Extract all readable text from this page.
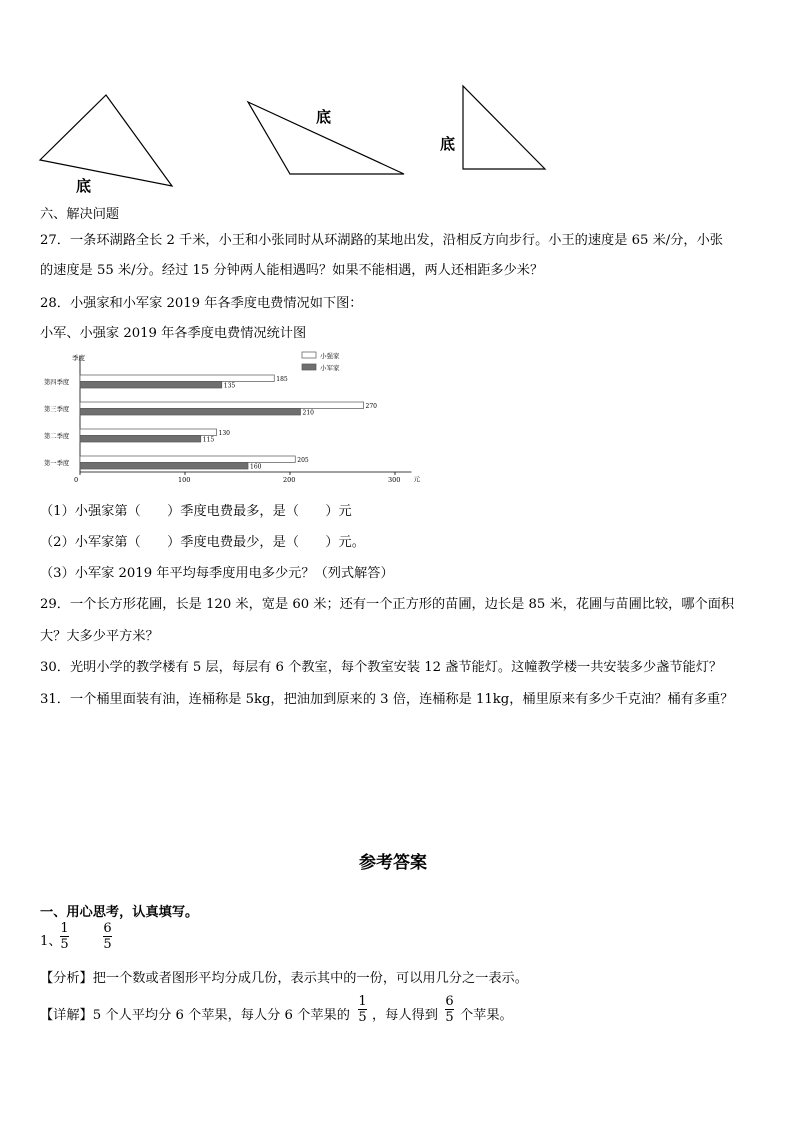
底
底
底
六、解决问题
27．一条环湖路全长 2 千米，小王和小张同时从环湖路的某地出发，沿相反方向步行。小王的速度是 65 米/分，小张
的速度是 55 米/分。经过 15 分钟两人能相遇吗？如果不能相遇，两人还相距多少米？
28．小强家和小军家 2019 年各季度电费情况如下图：
小军、小强家 2019 年各季度电费情况统计图
季度
元
0	100	200	300
第四季度	185
135
第三季度	270
210
第二季度	130
115
第一季度	205
160
小强家
小军家
（1）小强家第（　　）季度电费最多，是（　　）元
（2）小军家第（　　）季度电费最少，是（　　）元。
（3）小军家 2019 年平均每季度用电多少元？（列式解答）
29．一个长方形花圃，长是 120 米，宽是 60 米；还有一个正方形的苗圃，边长是 85 米，花圃与苗圃比较，哪个面积
大？大多少平方米？
30．光明小学的教学楼有 5 层，每层有 6 个教室，每个教室安装 12 盏节能灯。这幢教学楼一共安装多少盏节能灯？
31．一个桶里面装有油，连桶称是 5kg，把油加到原来的 3 倍，连桶称是 11kg，桶里原来有多少千克油？桶有多重？
参考答案
一、用心思考，认真填写。
1、
1
5
6
5
【分析】把一个数或者图形平均分成几份，表示其中的一份，可以用几分之一表示。
【详解】5 个人平均分 6 个苹果，每人分 6 个苹果的
1
5 ，每人得到
6
5 个苹果。
